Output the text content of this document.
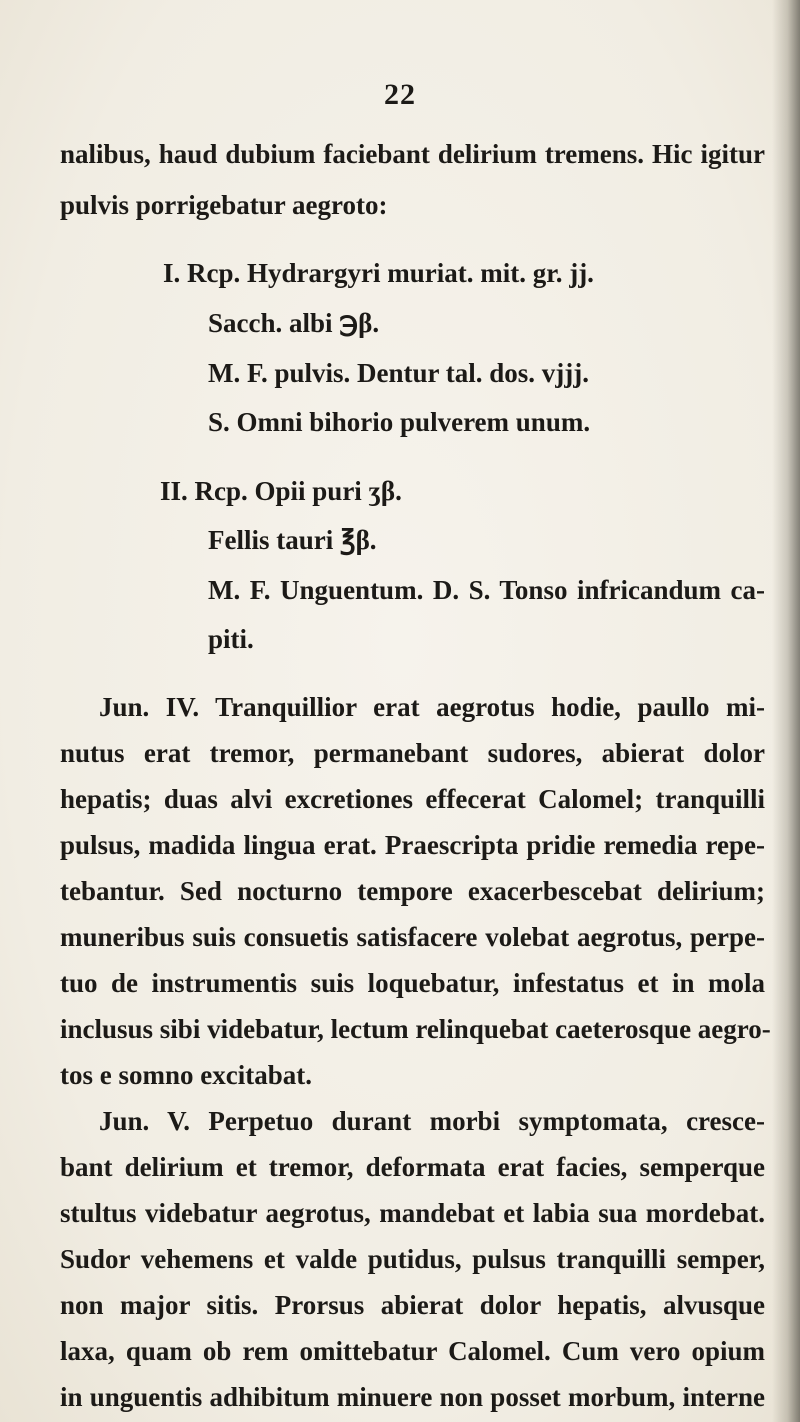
22
nalibus, haud dubium faciebant delirium tremens. Hic igitur
pulvis porrigebatur aegroto:
I. Rcp. Hydrargyri muriat. mit. gr. jj.
Sacch. albi ℈β.
M. F. pulvis. Dentur tal. dos. vjjj.
S. Omni bihorio pulverem unum.
II. Rcp. Opii puri ʒβ.
Fellis tauri ℥β.
M. F. Unguentum. D. S. Tonso infricandum ca-
piti.
Jun. IV. Tranquillior erat aegrotus hodie, paullo mi-
nutus erat tremor, permanebant sudores, abierat dolor
hepatis; duas alvi excretiones effecerat Calomel; tranquilli
pulsus, madida lingua erat. Praescripta pridie remedia repe-
tebantur. Sed nocturno tempore exacerbescebat delirium;
muneribus suis consuetis satisfacere volebat aegrotus, perpe-
tuo de instrumentis suis loquebatur, infestatus et in mola
inclusus sibi videbatur, lectum relinquebat caeterosque aegro-
tos e somno excitabat.
Jun. V. Perpetuo durant morbi symptomata, cresce-
bant delirium et tremor, deformata erat facies, semperque
stultus videbatur aegrotus, mandebat et labia sua mordebat.
Sudor vehemens et valde putidus, pulsus tranquilli semper,
non major sitis. Prorsus abierat dolor hepatis, alvusque
laxa, quam ob rem omittebatur Calomel. Cum vero opium
in unguentis adhibitum minuere non posset morbum, interne
